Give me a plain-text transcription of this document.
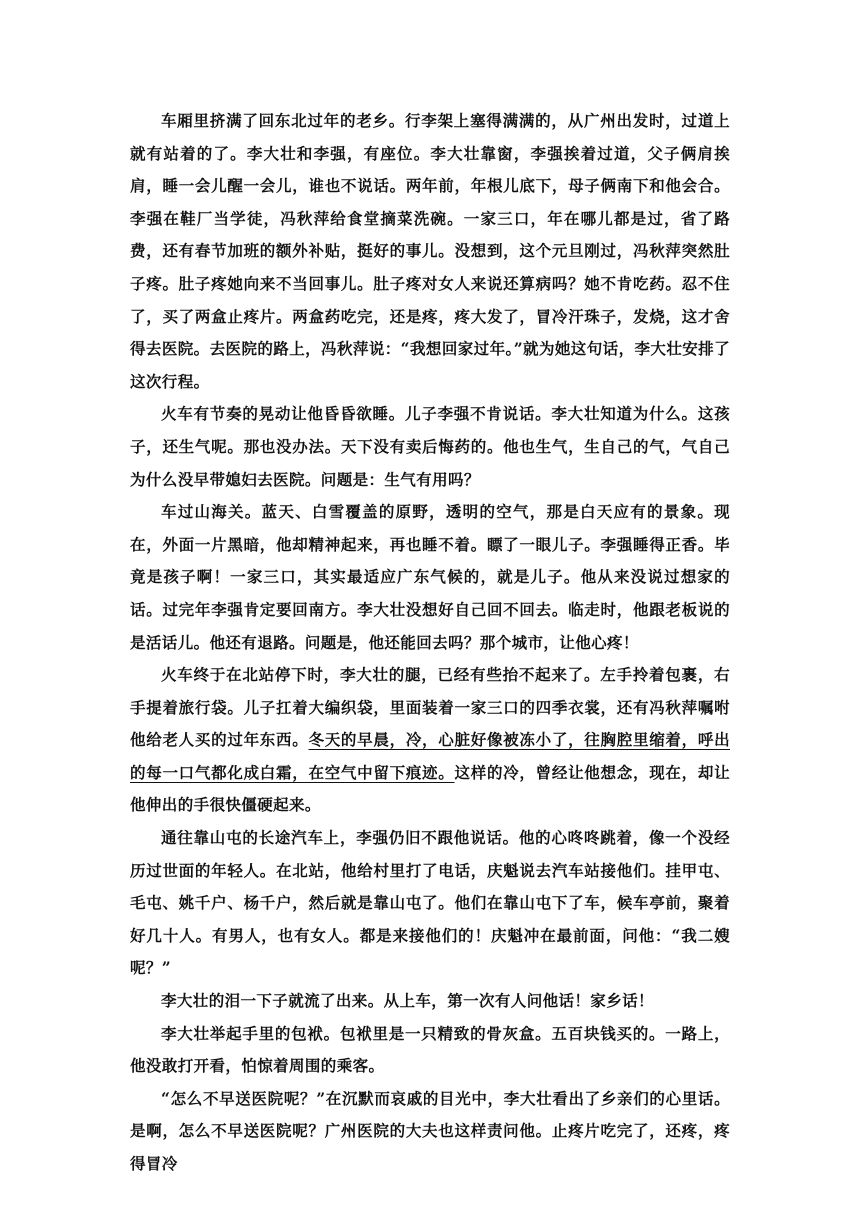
车厢里挤满了回东北过年的老乡。行李架上塞得满满的，从广州出发时，过道上就有站着的了。李大壮和李强，有座位。李大壮靠窗，李强挨着过道，父子俩肩挨肩，睡一会儿醒一会儿，谁也不说话。两年前，年根儿底下，母子俩南下和他会合。李强在鞋厂当学徒，冯秋萍给食堂摘菜洗碗。一家三口，年在哪儿都是过，省了路费，还有春节加班的额外补贴，挺好的事儿。没想到，这个元旦刚过，冯秋萍突然肚子疼。肚子疼她向来不当回事儿。肚子疼对女人来说还算病吗？她不肯吃药。忍不住了，买了两盒止疼片。两盒药吃完，还是疼，疼大发了，冒冷汗珠子，发烧，这才舍得去医院。去医院的路上，冯秋萍说：“我想回家过年。”就为她这句话，李大壮安排了这次行程。

火车有节奏的晃动让他昏昏欲睡。儿子李强不肯说话。李大壮知道为什么。这孩子，还生气呢。那也没办法。天下没有卖后悔药的。他也生气，生自己的气，气自己为什么没早带媳妇去医院。问题是：生气有用吗？

车过山海关。蓝天、白雪覆盖的原野，透明的空气，那是白天应有的景象。现在，外面一片黑暗，他却精神起来，再也睡不着。瞟了一眼儿子。李强睡得正香。毕竟是孩子啊！一家三口，其实最适应广东气候的，就是儿子。他从来没说过想家的话。过完年李强肯定要回南方。李大壮没想好自己回不回去。临走时，他跟老板说的是活话儿。他还有退路。问题是，他还能回去吗？那个城市，让他心疼！

火车终于在北站停下时，李大壮的腿，已经有些抬不起来了。左手拎着包裹，右手提着旅行袋。儿子扛着大编织袋，里面装着一家三口的四季衣裳，还有冯秋萍嘱咐他给老人买的过年东西。冬天的早晨，冷，心脏好像被冻小了，往胸腔里缩着，呼出的每一口气都化成白霜，在空气中留下痕迹。这样的冷，曾经让他想念，现在，却让他伸出的手很快僵硬起来。

通往靠山屯的长途汽车上，李强仍旧不跟他说话。他的心咚咚跳着，像一个没经历过世面的年轻人。在北站，他给村里打了电话，庆魁说去汽车站接他们。挂甲屯、毛屯、姚千户、杨千户，然后就是靠山屯了。他们在靠山屯下了车，候车亭前，聚着好几十人。有男人，也有女人。都是来接他们的！庆魁冲在最前面，问他：“我二嫂呢？”

李大壮的泪一下子就流了出来。从上车，第一次有人问他话！家乡话！

李大壮举起手里的包袱。包袱里是一只精致的骨灰盒。五百块钱买的。一路上，他没敢打开看，怕惊着周围的乘客。

“怎么不早送医院呢？”在沉默而哀戚的目光中，李大壮看出了乡亲们的心里话。是啊，怎么不早送医院呢？广州医院的大夫也这样责问他。止疼片吃完了，还疼，疼得冒冷
